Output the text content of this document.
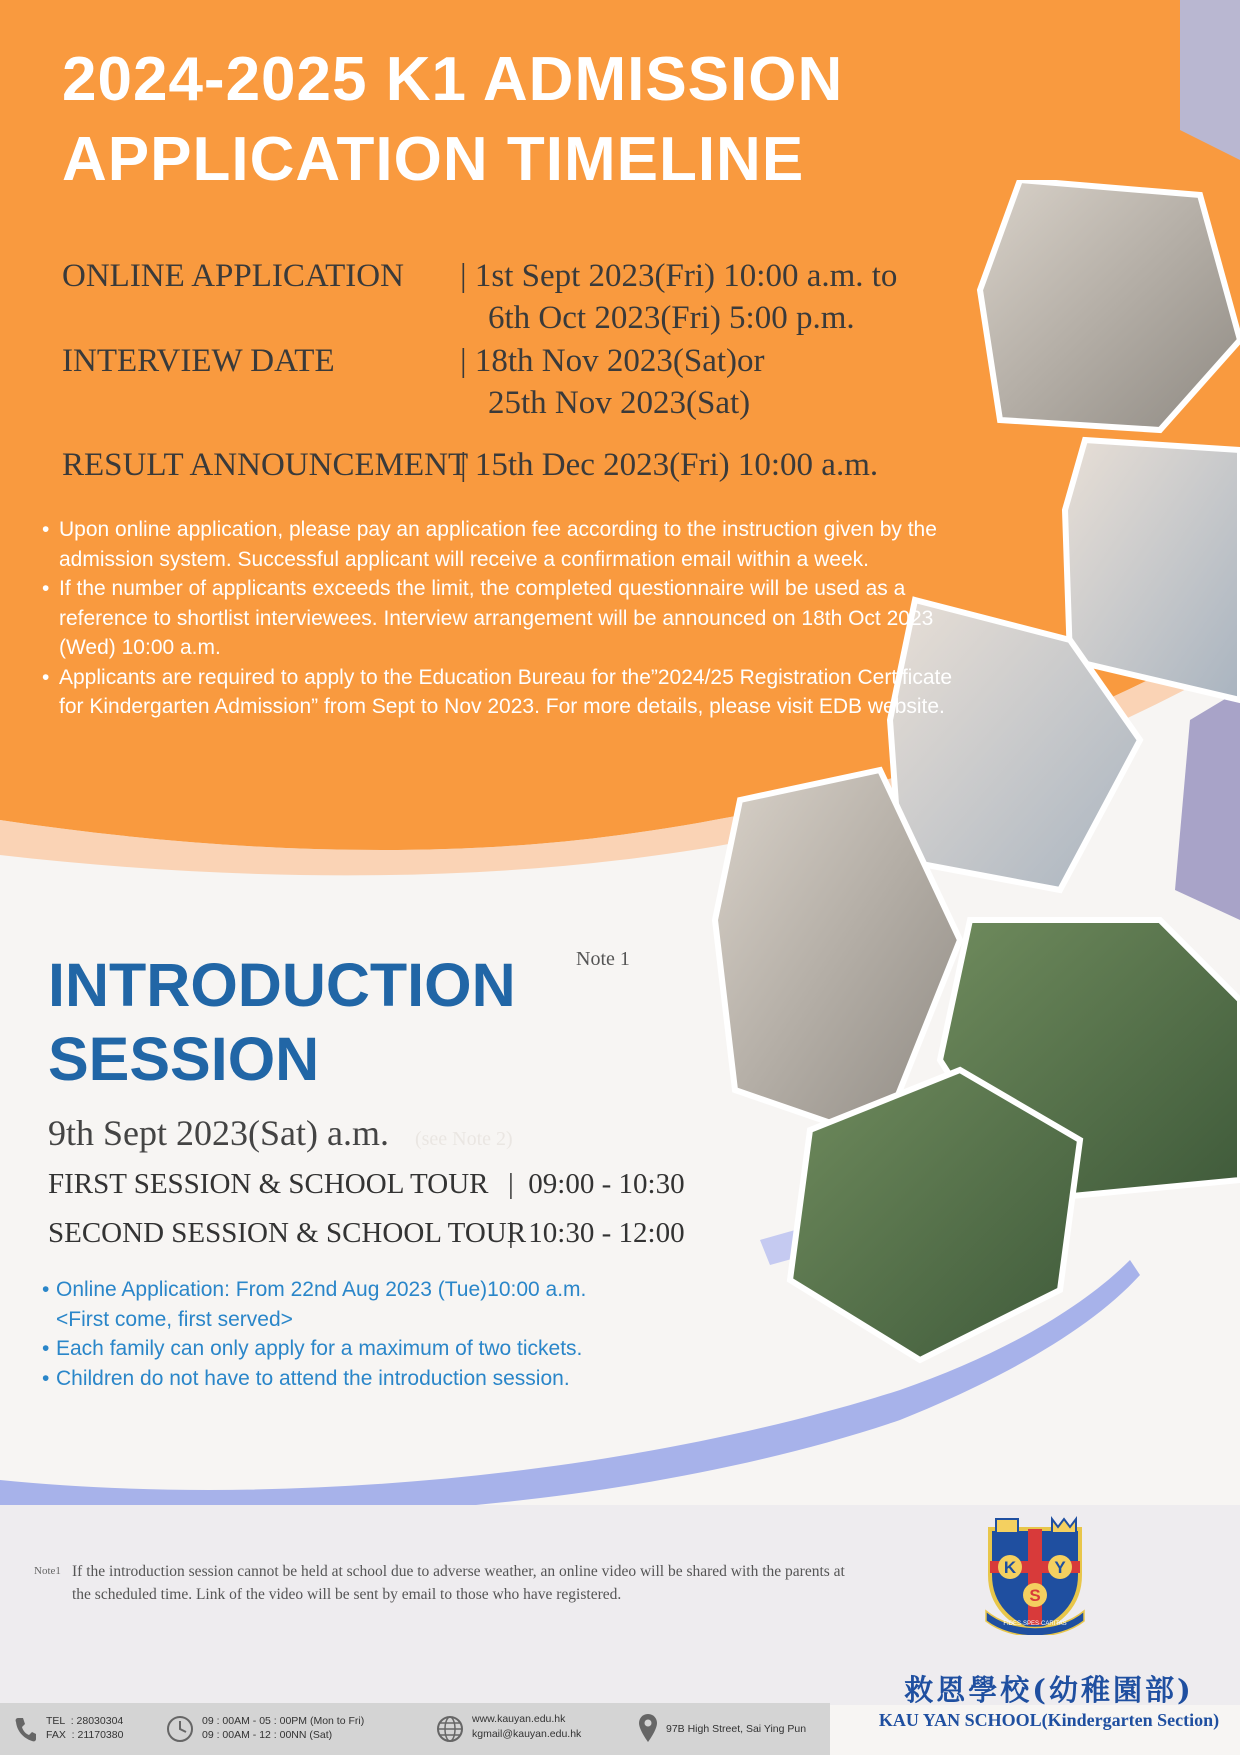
2024-2025 K1 ADMISSION
APPLICATION TIMELINE
ONLINE APPLICATION | 1st Sept 2023(Fri) 10:00 a.m. to
6th Oct 2023(Fri) 5:00 p.m.
INTERVIEW DATE	| 18th Nov 2023(Sat)or
25th Nov 2023(Sat)
RESULT ANNOUNCEMENT
| 15th Dec 2023(Fri) 10:00 a.m.
• Upon online application, please pay an application fee according to the instruction given by the admission system. Successful applicant will receive a confirmation email within a week.
• If the number of applicants exceeds the limit, the completed questionnaire will be used as a reference to shortlist interviewees. Interview arrangement will be announced on 18th Oct 2023 (Wed) 10:00 a.m.
• Applicants are required to apply to the Education Bureau for the”2024/25 Registration Certificate for Kindergarten Admission” from Sept to Nov 2023. For more details, please visit EDB website.
INTRODUCTION
SESSION
Note 1
9th Sept 2023(Sat) a.m. (see Note 2)
FIRST SESSION & SCHOOL TOUR |  09:00 - 10:30
SECOND SESSION & SCHOOL TOUR
|  10:30 - 12:00
• Online Application: From 22nd Aug 2023 (Tue)10:00 a.m.
<First come, first served>
• Each family can only apply for a maximum of two tickets.
• Children do not have to attend the introduction session.
$^{Note1}$ If the introduction session cannot be held at school due to adverse weather, an online video will be shared with the parents at the scheduled time. Link of the video will be sent by email to those who have registered.
K Y
S
FIDES·SPES·CARITAS
救恩學校(幼稚園部)
KAU YAN SCHOOL(Kindergarten Section)
TEL  : 28030304
FAX  : 21170380
09 : 00AM - 05 : 00PM (Mon to Fri)
09 : 00AM - 12 : 00NN (Sat)
www.kauyan.edu.hk
kgmail@kauyan.edu.hk	97B High Street, Sai Ying Pun
